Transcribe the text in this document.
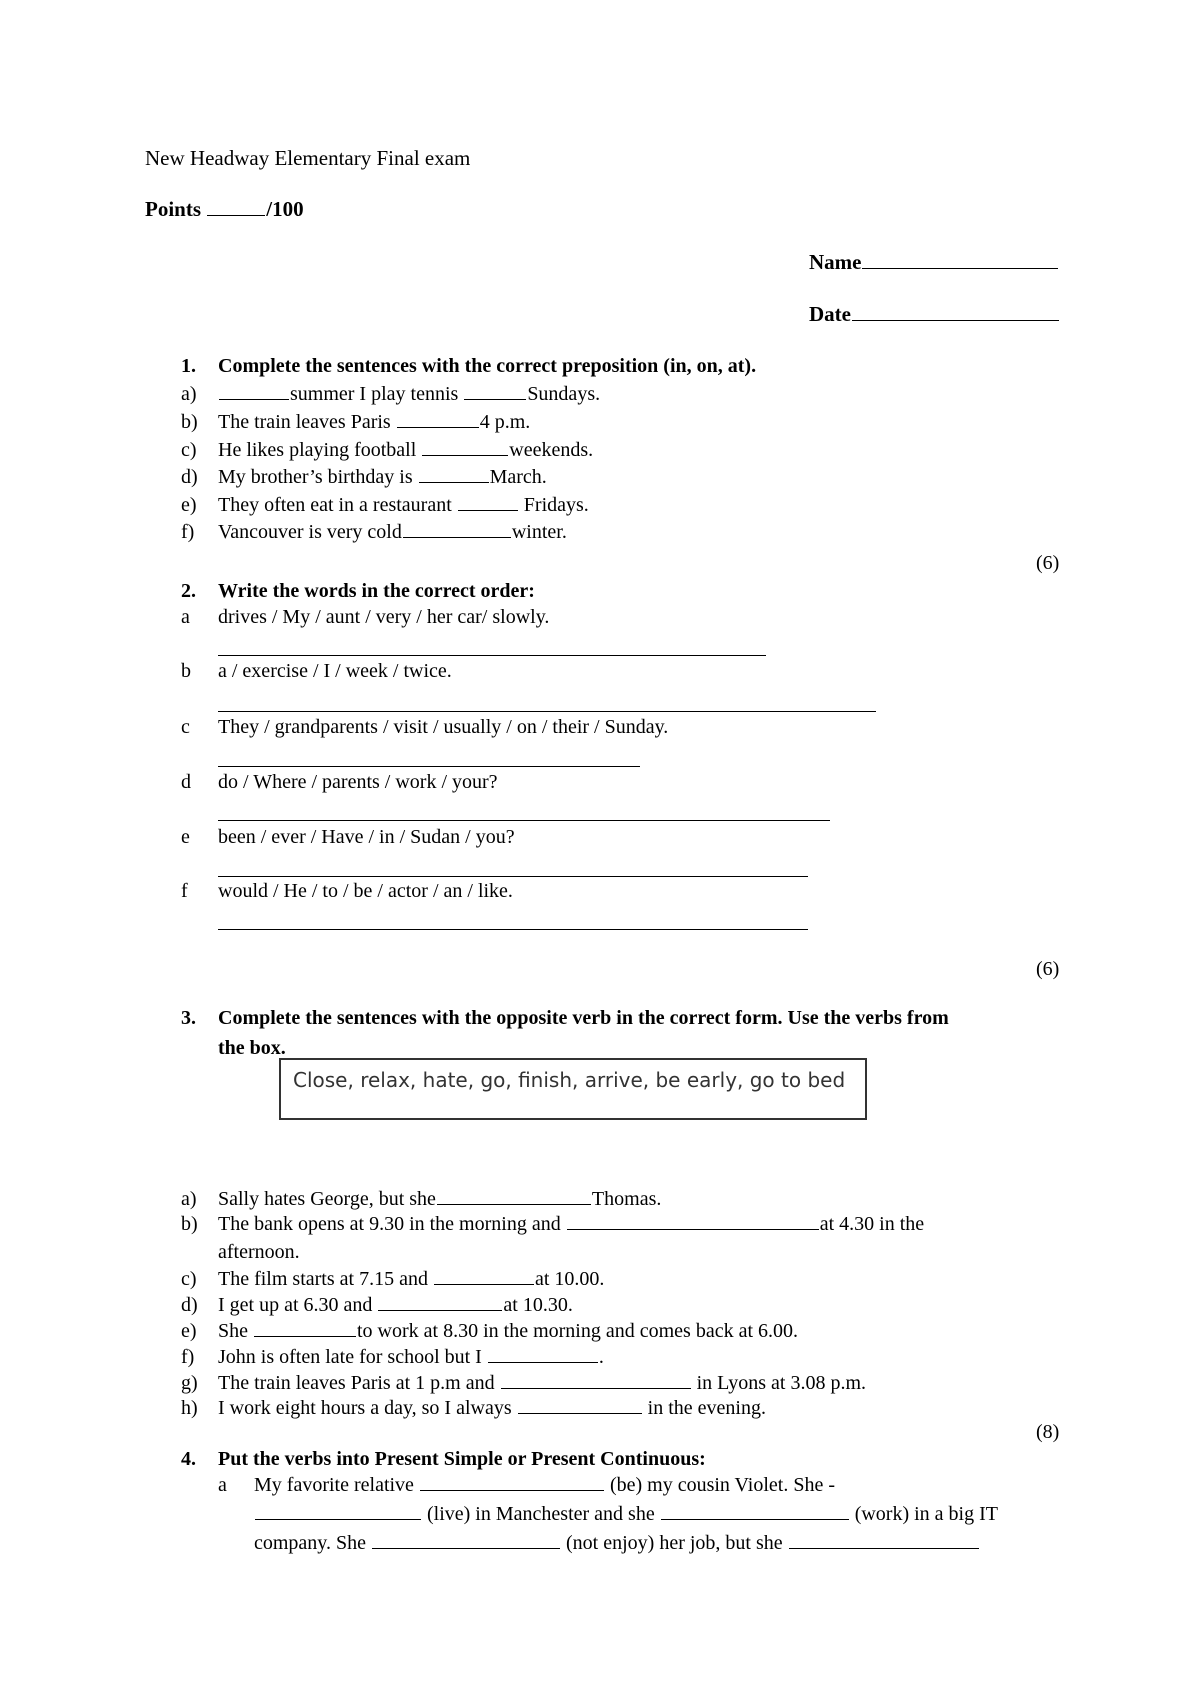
New Headway Elementary Final exam
Points	/100
Name
Date
1. Complete the sentences with the correct preposition (in, on, at).
a)	summer I play tennis	Sundays.
b) The train leaves Paris	4 p.m.
c) He likes playing football	weekends.
d) My brother’s birthday is	March.
e) They often eat in a restaurant	Fridays.
f) Vancouver is very cold	winter.
(6)
2. Write the words in the correct order:
a drives / My / aunt / very / her car/ slowly.
b a / exercise / I / week / twice.
c They / grandparents / visit / usually / on / their / Sunday.
d do / Where / parents / work / your?
e been / ever / Have / in / Sudan / you?
f would / He / to / be / actor / an / like.
(6)
3. Complete the sentences with the opposite verb in the correct form. Use the verbs from
the box.
Close, relax, hate, go, finish, arrive, be early, go to bed
a) Sally hates George, but she	Thomas.
b) The bank opens at 9.30 in the morning and	at 4.30 in the
afternoon.
c) The film starts at 7.15 and	at 10.00.
d) I get up at 6.30 and	at 10.30.
e) She	to work at 8.30 in the morning and comes back at 6.00.
f) John is often late for school but I	.
g) The train leaves Paris at 1 p.m and	in Lyons at 3.08 p.m.
h) I work eight hours a day, so I always	in the evening.
(8)
4. Put the verbs into Present Simple or Present Continuous:
a My favorite relative	(be) my cousin Violet. She -
(live) in Manchester and she	(work) in a big IT
company. She	(not enjoy) her job, but she
